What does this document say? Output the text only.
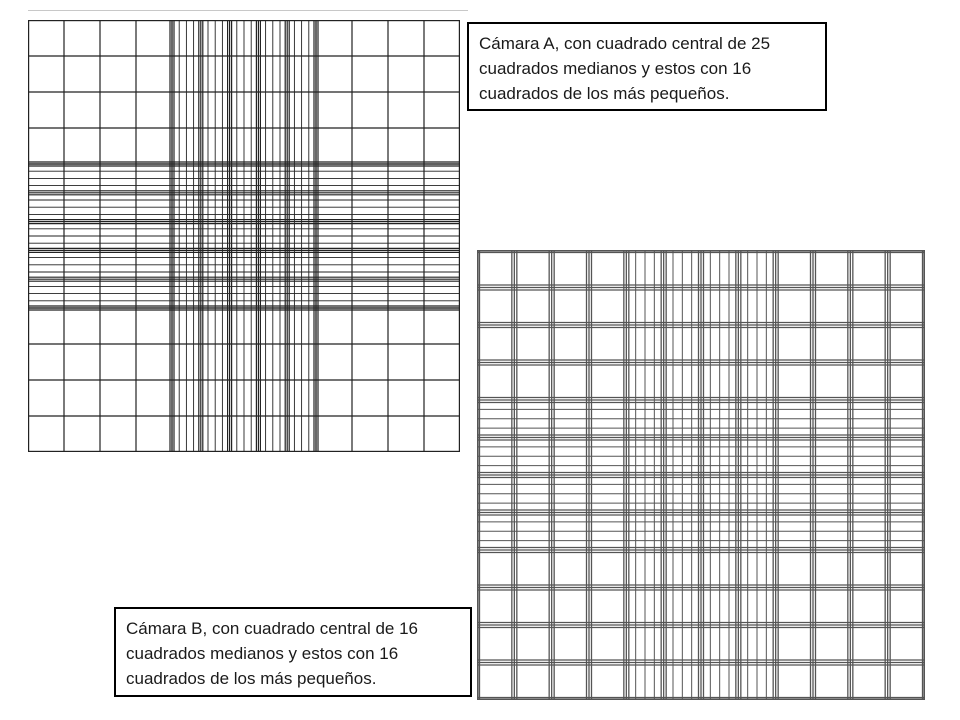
Cámara A, con cuadrado central de 25 cuadrados medianos y estos con 16 cuadrados de los más pequeños.
Cámara B, con cuadrado central de 16 cuadrados medianos y estos con 16 cuadrados de los más pequeños.
